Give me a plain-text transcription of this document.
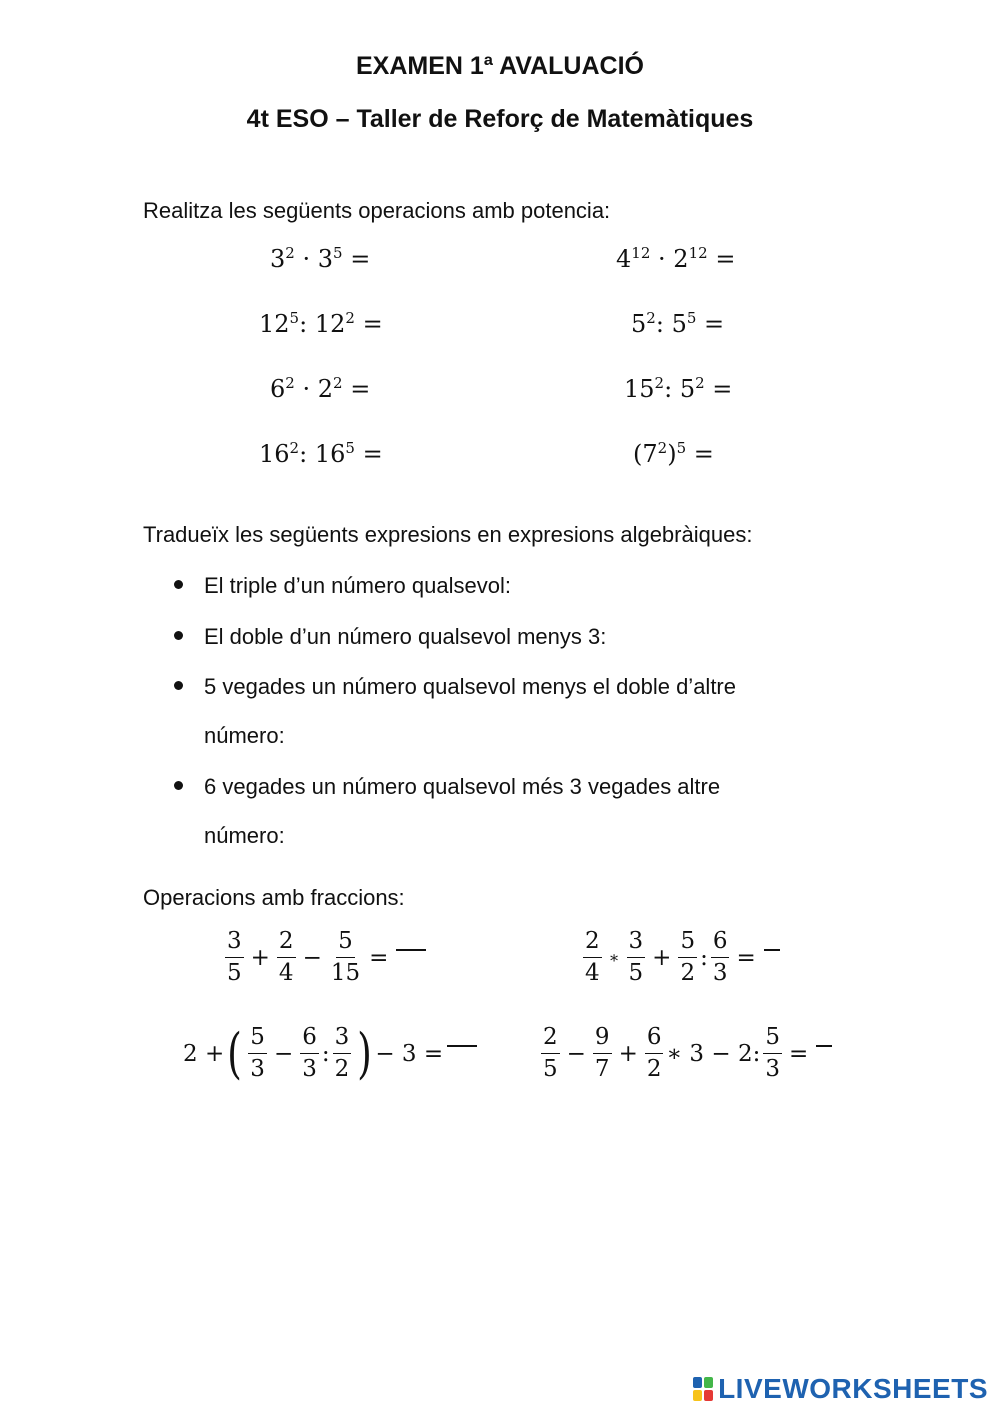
EXAMEN 1ª AVALUACIÓ
4t ESO – Taller de Reforç de Matemàtiques
Realitza les següents operacions amb potencia:
$3^2 \cdot 3^5$ =
$12^5$: $12^2$ =
$6^2 \cdot 2^2$ =
$16^2$: $16^5$ =
$4^{12} \cdot 2^{12}$ =
$5^2$: $5^5$ =
$15^2$: $5^2$ =
$(7^2)^5$ =
Tradueïx les següents expresions en expresions algebràiques:
El triple d’un número qualsevol:
El doble d’un número qualsevol menys 3:
5 vegades un número qualsevol menys el doble d’altre
número:
6 vegades un número qualsevol més 3 vegades altre
número:
Operacions amb fraccions:
$\frac{3}{5} + \frac{2}{4} - \frac{5}{15}$ =	$\frac{2}{4}$ ∗ $\frac{3}{5} + \frac{5}{2}$ : $\frac{6}{3}$ =
2 + ( $\frac{5}{3} - \frac{6}{3}$ : $\frac{3}{2}$ ) − 3 =	$\frac{2}{5} - \frac{9}{7} + \frac{6}{2}$ ∗ 3 − 2: $\frac{5}{3}$ =
LIVEWORKSHEETS
